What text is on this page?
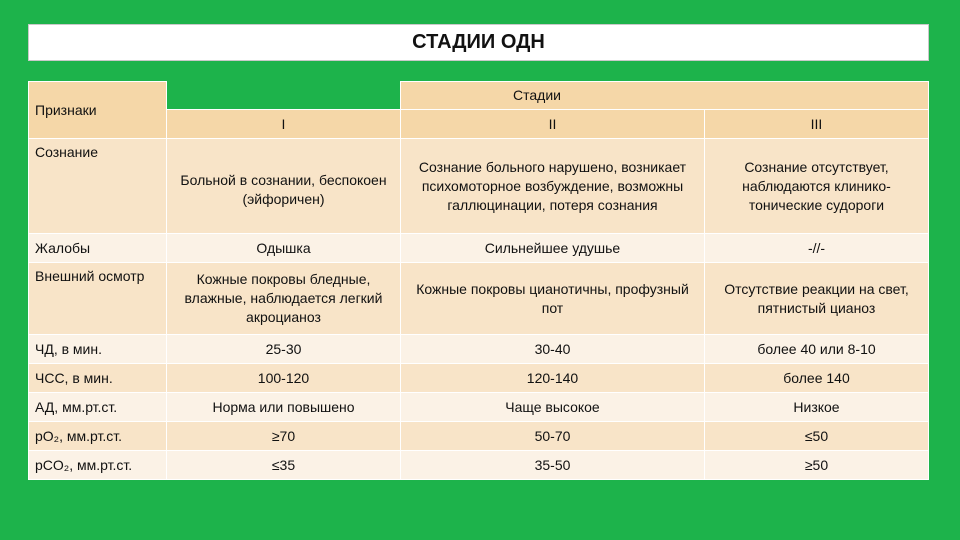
СТАДИИ ОДН
Признаки		Стадии	
	I	II	III
Сознание	Больной в сознании, беспокоен (эйфоричен)	Сознание больного нарушено, возникает психомоторное возбуждение, возможны галлюцинации, потеря сознания	Сознание отсутствует, наблюдаются клинико-тонические судороги
Жалобы	Одышка	Сильнейшее удушье	-//-
Внешний осмотр	Кожные покровы бледные, влажные, наблюдается легкий акроцианоз	Кожные покровы цианотичны, профузный пот	Отсутствие реакции на свет, пятнистый цианоз
ЧД, в мин.	25-30	30-40	более 40 или 8-10
ЧСС, в мин.	100-120	120-140	более 140
АД, мм.рт.ст.	Норма или повышено	Чаще высокое	Низкое
pO₂, мм.рт.ст.	≥70	50-70	≤50
pCO₂, мм.рт.ст.	≤35	35-50	≥50
